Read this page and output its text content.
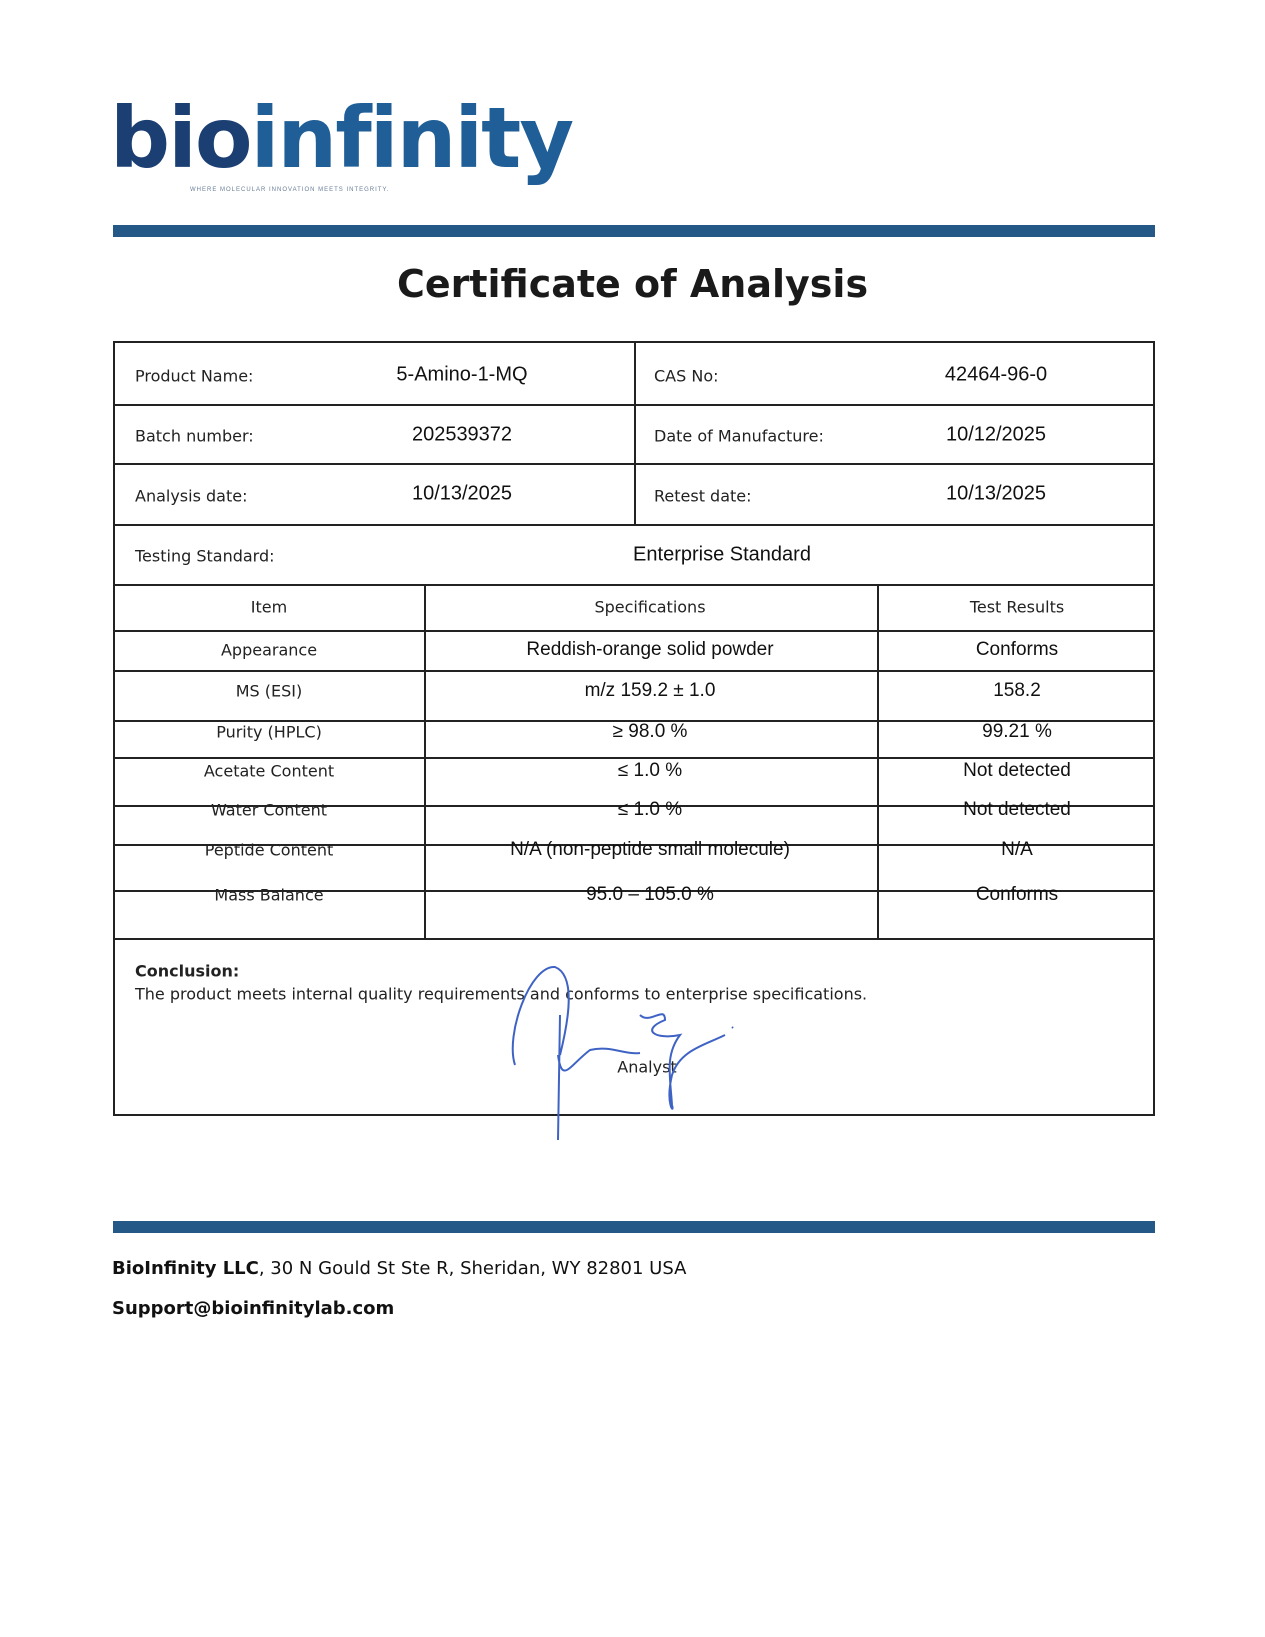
bioinfinity
WHERE MOLECULAR INNOVATION MEETS INTEGRITY.
Certificate of Analysis
Product Name:	5-Amino-1-MQ	CAS No:	42464-96-0
Batch number:	202539372	Date of Manufacture:	10/12/2025
Analysis date:	10/13/2025	Retest date:	10/13/2025
Testing Standard:	Enterprise Standard
Item	Specifications	Test Results
Appearance	Reddish-orange solid powder	Conforms
MS (ESI)	m/z 159.2 ± 1.0	158.2
Purity (HPLC)	≥ 98.0 %	99.21 %
Acetate Content	≤ 1.0 %	Not detected
Water Content	≤ 1.0 %	Not detected
Peptide Content	N/A (non-peptide small molecule)	N/A
Mass Balance	95.0 – 105.0 %	Conforms
Conclusion:
The product meets internal quality requirements and conforms to enterprise specifications.
Analyst
BioInfinity LLC, 30 N Gould St Ste R, Sheridan, WY 82801 USA
Support@bioinfinitylab.com
